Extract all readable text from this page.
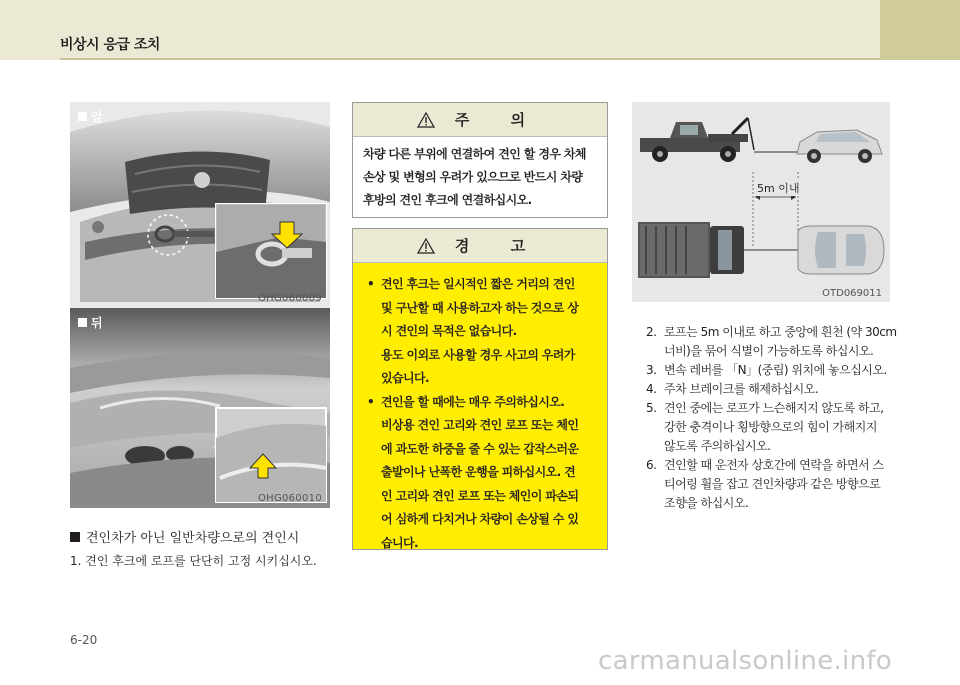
비상시 응급 조치
앞
OHG060009
뒤
OHG060010
견인차가 아닌 일반차량으로의 견인시
1. 견인 후크에 로프를 단단히 고정 시키십시오.
주 의
차량 다른 부위에 연결하여 견인 할 경우 차체
손상 및 변형의 우려가 있으므로 반드시 차량
후방의 견인 후크에 연결하십시오.
경 고
• 견인 후크는 일시적인 짧은 거리의 견인
및 구난할 때 사용하고자 하는 것으로 상
시 견인의 목적은 없습니다.
용도 이외로 사용할 경우 사고의 우려가
있습니다.
• 견인을 할 때에는 매우 주의하십시오.
비상용 견인 고리와 견인 로프 또는 체인
에 과도한 하중을 줄 수 있는 갑작스러운
출발이나 난폭한 운행을 피하십시오. 견
인 고리와 견인 로프 또는 체인이 파손되
어 심하게 다치거나 차량이 손상될 수 있
습니다.
5m 이내
OTD069011
2. 로프는 5m 이내로 하고 중앙에 흰천 (약 30cm
너비)을 묶어 식별이 가능하도록 하십시오.
3. 변속 레버를 「N」(중립) 위치에 놓으십시오.
4. 주차 브레이크를 해제하십시오.
5. 견인 중에는 로프가 느슨해지지 않도록 하고,
강한 충격이나 횡방향으로의 힘이 가해지지
않도록 주의하십시오.
6. 견인할 때 운전자 상호간에 연락을 하면서 스
티어링 휠을 잡고 견인차량과 같은 방향으로
조향을 하십시오.
6-20
carmanualsonline.info
